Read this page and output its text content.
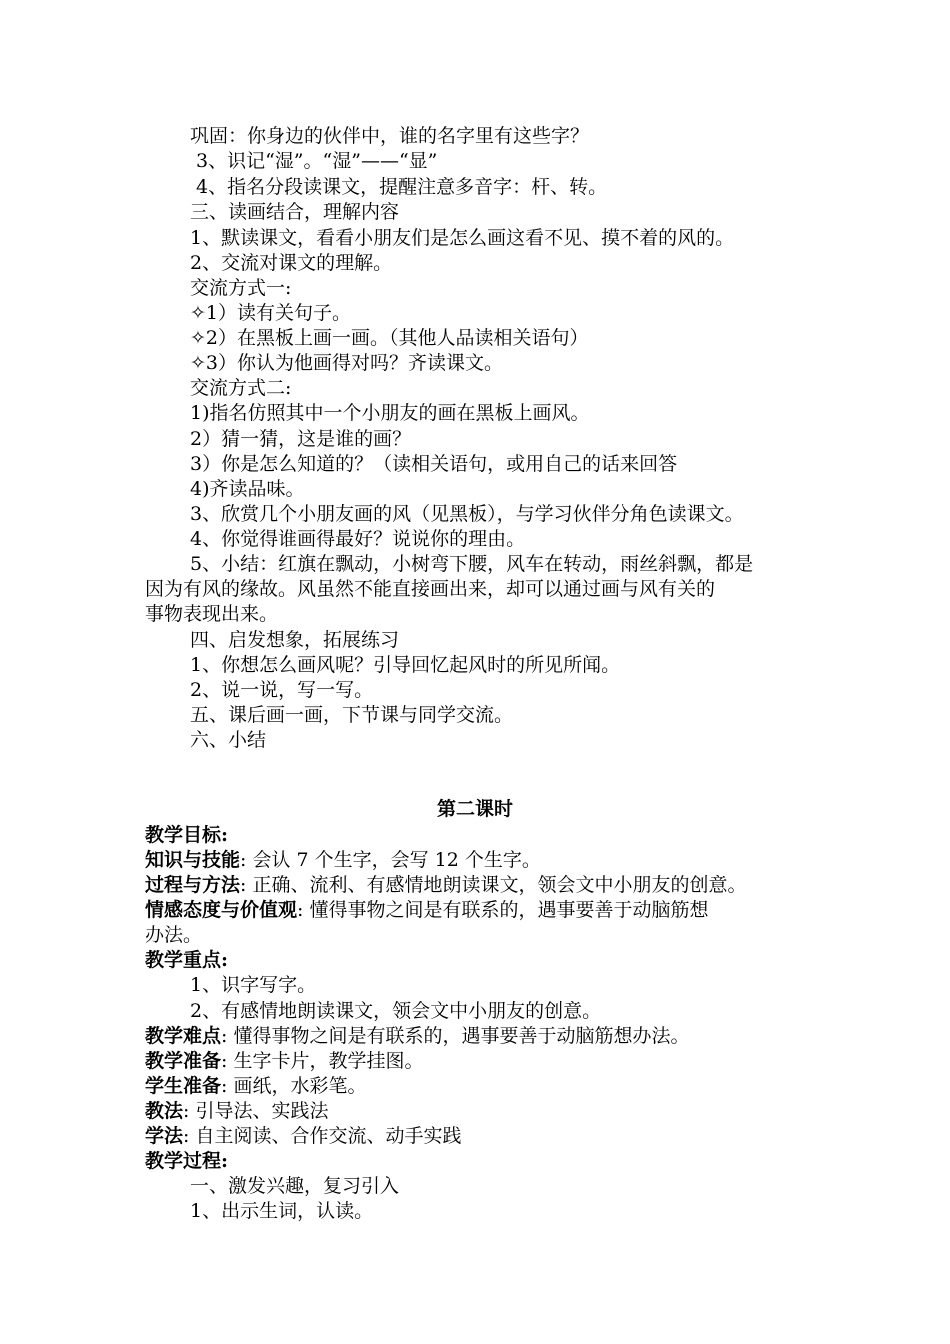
巩固：你身边的伙伴中，谁的名字里有这些字？
3、识记“湿”。“湿”——“显”
4、指名分段读课文，提醒注意多音字：杆、转。
三、读画结合，理解内容
1、默读课文，看看小朋友们是怎么画这看不见、摸不着的风的。
2、交流对课文的理解。
交流方式一:
✧1）读有关句子。
✧2）在黑板上画一画。（其他人品读相关语句）
✧3）你认为他画得对吗？齐读课文。
交流方式二:
1)指名仿照其中一个小朋友的画在黑板上画风。
2）猜一猜，这是谁的画？
3）你是怎么知道的？（读相关语句，或用自己的话来回答
4)齐读品味。
3、欣赏几个小朋友画的风（见黑板），与学习伙伴分角色读课文。
4、你觉得谁画得最好？说说你的理由。
5、小结：红旗在飘动，小树弯下腰，风车在转动，雨丝斜飘，都是
因为有风的缘故。风虽然不能直接画出来，却可以通过画与风有关的
事物表现出来。
四、启发想象，拓展练习
1、你想怎么画风呢？引导回忆起风时的所见所闻。
2、说一说，写一写。
五、课后画一画，下节课与同学交流。
六、小结
第二课时
教学目标:
知识与技能: 会认 7 个生字，会写 12 个生字。
过程与方法: 正确、流利、有感情地朗读课文，领会文中小朋友的创意。
情感态度与价值观: 懂得事物之间是有联系的，遇事要善于动脑筋想
办法。
教学重点:
1、识字写字。
2、有感情地朗读课文，领会文中小朋友的创意。
教学难点: 懂得事物之间是有联系的，遇事要善于动脑筋想办法。
教学准备: 生字卡片，教学挂图。
学生准备: 画纸，水彩笔。
教法: 引导法、实践法
学法: 自主阅读、合作交流、动手实践
教学过程:
一、激发兴趣，复习引入
1、出示生词，认读。
